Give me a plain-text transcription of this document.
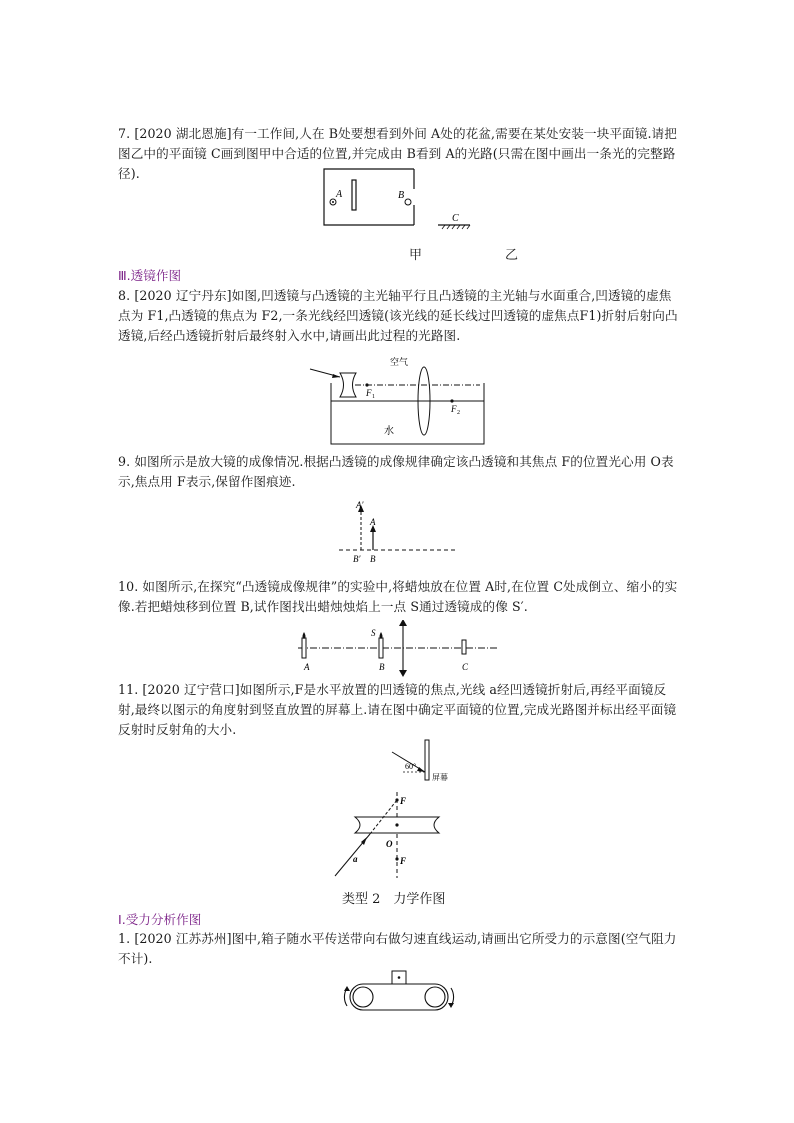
7. [2020 湖北恩施]有一工作间,人在 B处要想看到外间 A处的花盆,需要在某处安装一块平面镜.请把图乙中的平面镜 C画到图甲中合适的位置,并完成由 B看到 A的光路(只需在图中画出一条光的完整路径).
A	B
C
甲	乙
Ⅲ.透镜作图
8. [2020 辽宁丹东]如图,凹透镜与凸透镜的主光轴平行且凸透镜的主光轴与水面重合,凹透镜的虚焦点为 F1,凸透镜的焦点为 F2,一条光线经凹透镜(该光线的延长线过凹透镜的虚焦点F1)折射后射向凸透镜,后经凸透镜折射后最终射入水中,请画出此过程的光路图.
空气
F 1
F 2
水
9. 如图所示是放大镜的成像情况.根据凸透镜的成像规律确定该凸透镜和其焦点 F的位置光心用 O表示,焦点用 F表示,保留作图痕迹.
A′
A
B′ B
10. 如图所示,在探究“凸透镜成像规律”的实验中,将蜡烛放在位置 A时,在位置 C处成倒立、缩小的实像.若把蜡烛移到位置 B,试作图找出蜡烛烛焰上一点 S通过透镜成的像 S′.
A	B	C
S
11. [2020 辽宁营口]如图所示,F是水平放置的凹透镜的焦点,光线 a经凹透镜折射后,再经平面镜反射,最终以图示的角度射到竖直放置的屏幕上.请在图中确定平面镜的位置,完成光路图并标出经平面镜反射时反射角的大小.
60°
屏幕
F
O
F
a
类型 2　力学作图
Ⅰ.受力分析作图
1. [2020 江苏苏州]图中,箱子随水平传送带向右做匀速直线运动,请画出它所受力的示意图(空气阻力不计).
